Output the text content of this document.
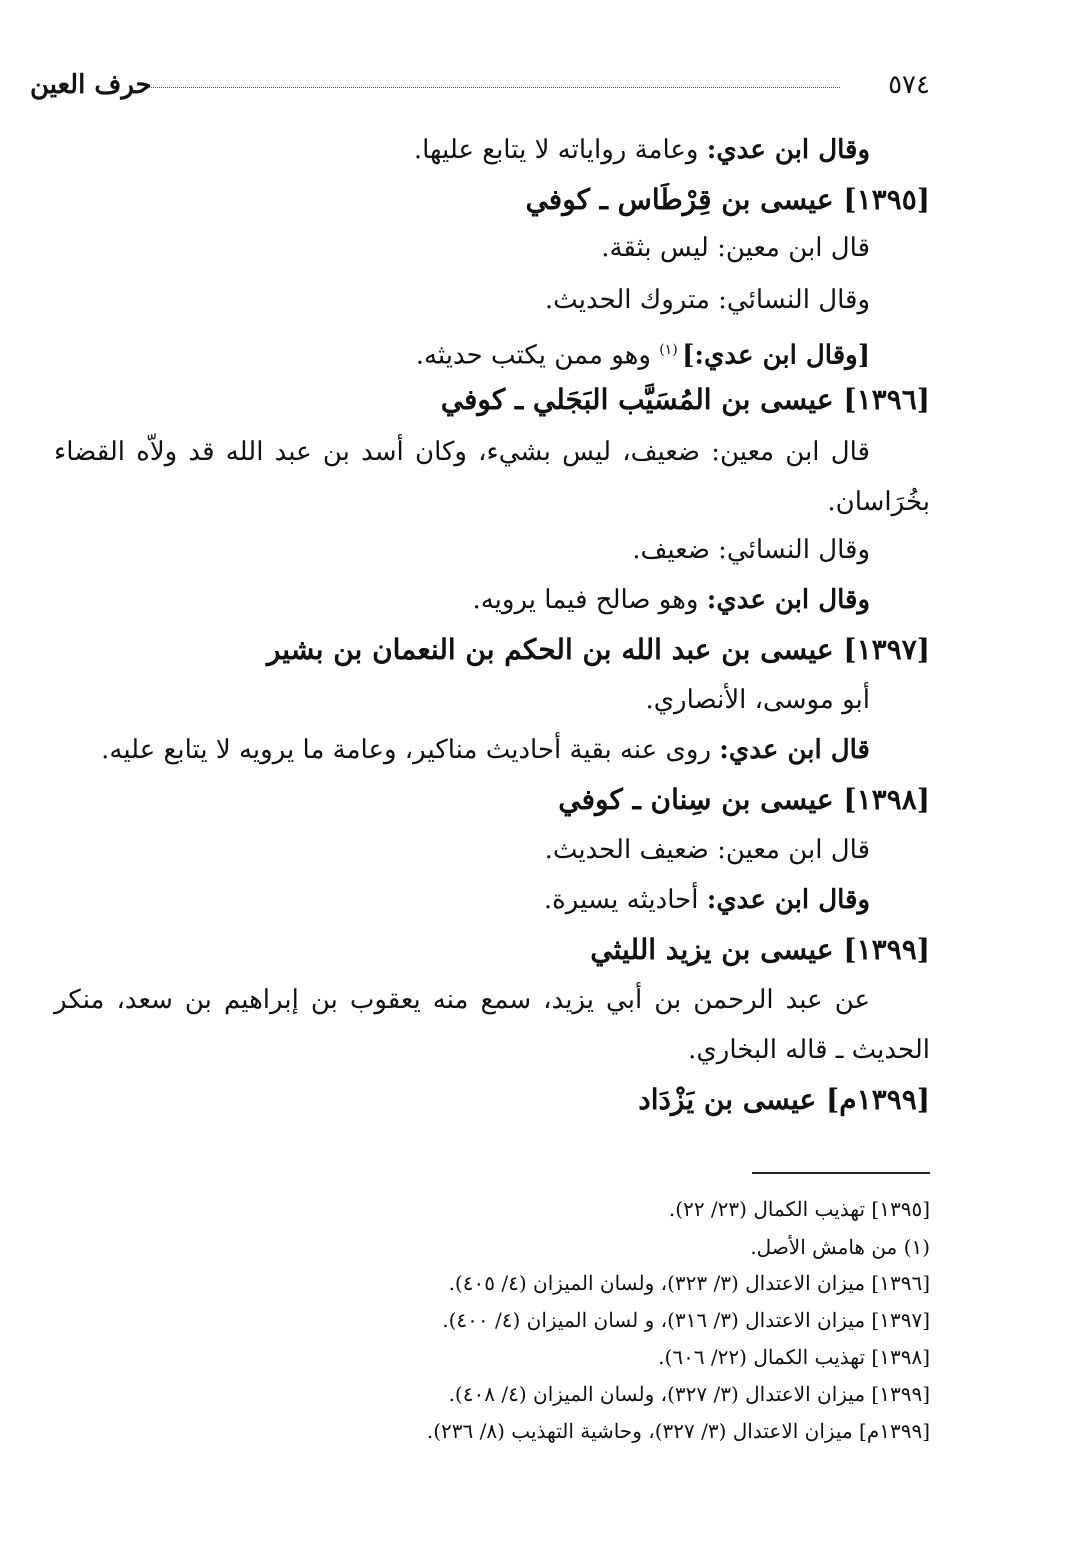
حرف العين	٥٧٤
وقال ابن عدي: وعامة رواياته لا يتابع عليها.
[١٣٩٥] عيسى بن قِرْطَاس ـ كوفي
قال ابن معين: ليس بثقة.
وقال النسائي: متروك الحديث.
[وقال ابن عدي:] $^{(١)}$ وهو ممن يكتب حديثه.
[١٣٩٦] عيسى بن المُسَيَّب البَجَلي ـ كوفي
قال ابن معين: ضعيف، ليس بشيء، وكان أسد بن عبد الله قد ولاّه القضاء
بخُرَاسان.
وقال النسائي: ضعيف.
وقال ابن عدي: وهو صالح فيما يرويه.
[١٣٩٧] عيسى بن عبد الله بن الحكم بن النعمان بن بشير
أبو موسى، الأنصاري.
قال ابن عدي: روى عنه بقية أحاديث مناكير، وعامة ما يرويه لا يتابع عليه.
[١٣٩٨] عيسى بن سِنان ـ كوفي
قال ابن معين: ضعيف الحديث.
وقال ابن عدي: أحاديثه يسيرة.
[١٣٩٩] عيسى بن يزيد الليثي
عن عبد الرحمن بن أبي يزيد، سمع منه يعقوب بن إبراهيم بن سعد، منكر
الحديث ـ قاله البخاري.
[١٣٩٩م] عيسى بن يَزْدَاد
[١٣٩٥] تهذيب الكمال (٢٣/ ٢٢).
(١) من هامش الأصل.
[١٣٩٦] ميزان الاعتدال (٣/ ٣٢٣)، ولسان الميزان (٤/ ٤٠٥).
[١٣٩٧] ميزان الاعتدال (٣/ ٣١٦)، و لسان الميزان (٤/ ٤٠٠).
[١٣٩٨] تهذيب الكمال (٢٢/ ٦٠٦).
[١٣٩٩] ميزان الاعتدال (٣/ ٣٢٧)، ولسان الميزان (٤/ ٤٠٨).
[١٣٩٩م] ميزان الاعتدال (٣/ ٣٢٧)، وحاشية التهذيب (٨/ ٢٣٦).
